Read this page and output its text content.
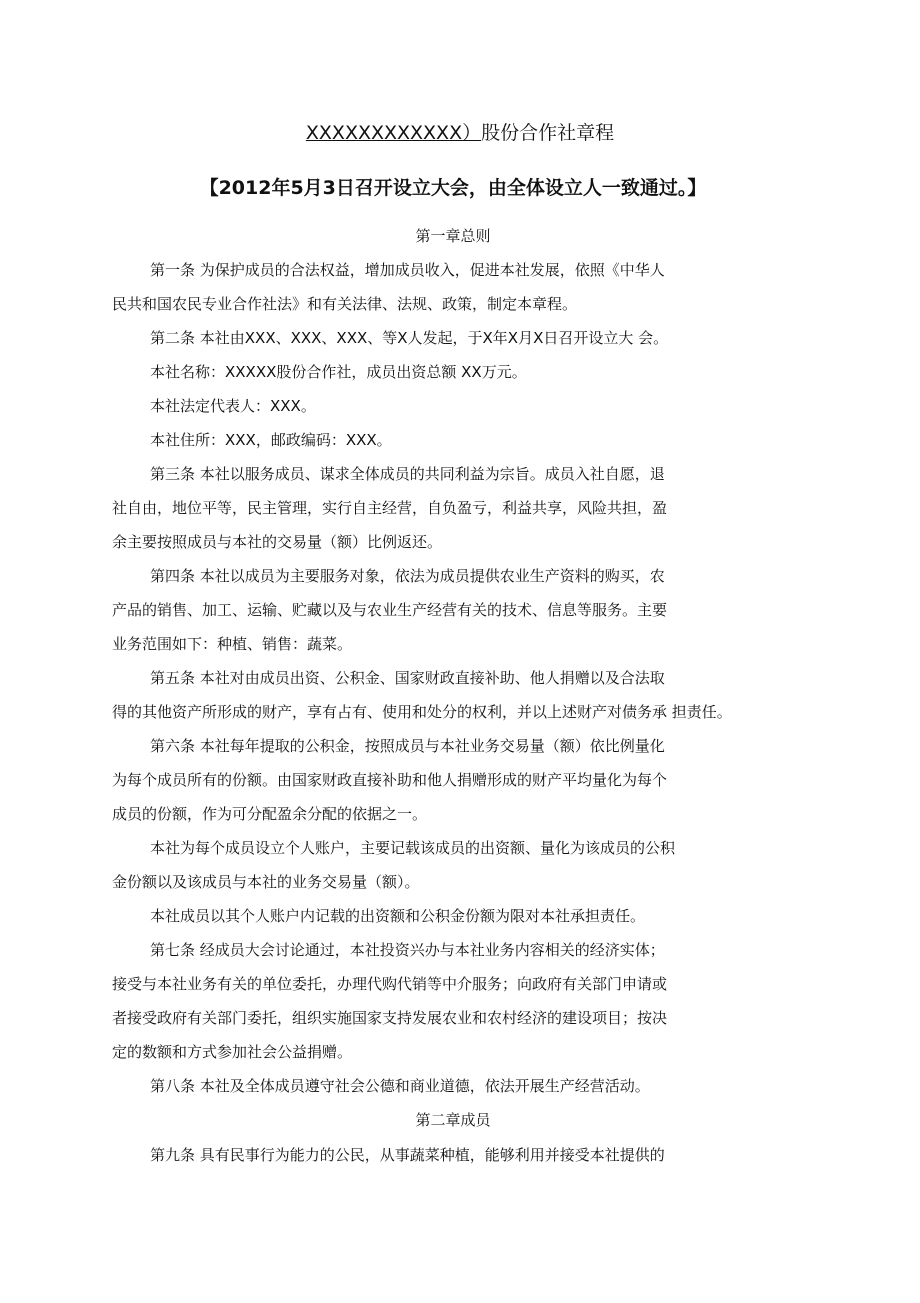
XXXXXXXXXXXX）股份合作社章程
【2012年5月3日召开设立大会，由全体设立人一致通过。】
第一章总则
第一条 为保护成员的合法权益，增加成员收入，促进本社发展，依照《中华人
民共和国农民专业合作社法》和有关法律、法规、政策，制定本章程。
第二条 本社由XXX、XXX、XXX、等X人发起，于X年X月X日召开设立大 会。
本社名称：XXXXX股份合作社，成员出资总额 XX万元。
本社法定代表人：XXX。
本社住所：XXX，邮政编码：XXX。
第三条 本社以服务成员、谋求全体成员的共同利益为宗旨。成员入社自愿，退
社自由，地位平等，民主管理，实行自主经营，自负盈亏，利益共享，风险共担，盈
余主要按照成员与本社的交易量（额）比例返还。
第四条 本社以成员为主要服务对象，依法为成员提供农业生产资料的购买，农
产品的销售、加工、运输、贮藏以及与农业生产经营有关的技术、信息等服务。主要
业务范围如下：种植、销售：蔬菜。
第五条 本社对由成员出资、公积金、国家财政直接补助、他人捐赠以及合法取
得的其他资产所形成的财产，享有占有、使用和处分的权利，并以上述财产对债务承 担责任。
第六条 本社每年提取的公积金，按照成员与本社业务交易量（额）依比例量化
为每个成员所有的份额。由国家财政直接补助和他人捐赠形成的财产平均量化为每个
成员的份额，作为可分配盈余分配的依据之一。
本社为每个成员设立个人账户，主要记载该成员的出资额、量化为该成员的公积
金份额以及该成员与本社的业务交易量（额）。
本社成员以其个人账户内记载的出资额和公积金份额为限对本社承担责任。
第七条 经成员大会讨论通过，本社投资兴办与本社业务内容相关的经济实体；
接受与本社业务有关的单位委托，办理代购代销等中介服务；向政府有关部门申请或
者接受政府有关部门委托，组织实施国家支持发展农业和农村经济的建设项目；按决
定的数额和方式参加社会公益捐赠。
第八条 本社及全体成员遵守社会公德和商业道德，依法开展生产经营活动。
第二章成员
第九条 具有民事行为能力的公民，从事蔬菜种植，能够利用并接受本社提供的
